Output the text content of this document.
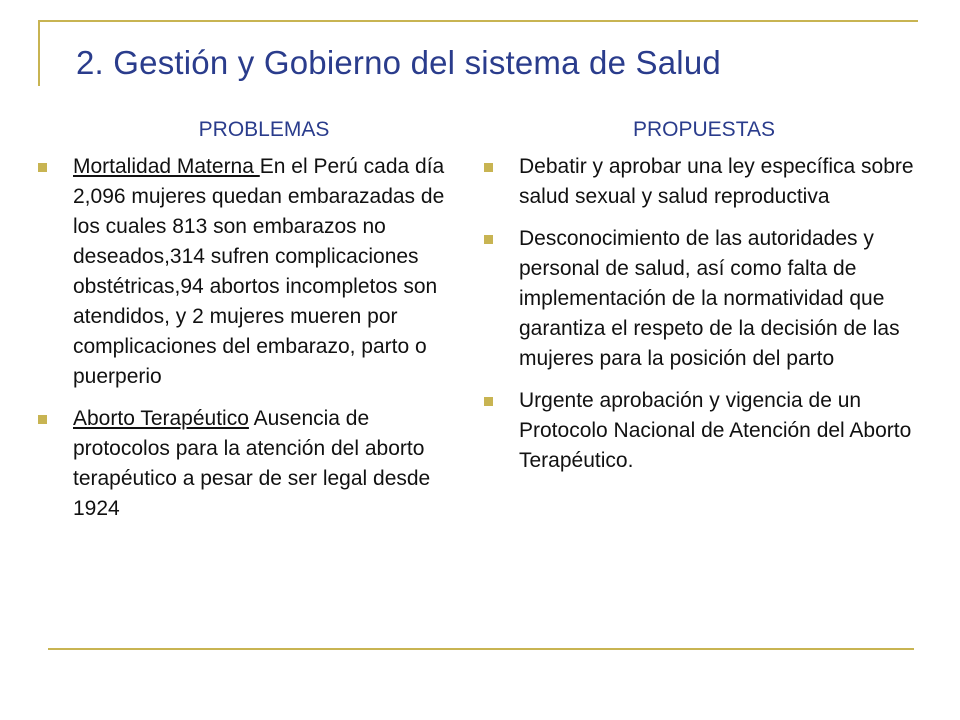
2. Gestión y Gobierno del sistema de Salud
PROBLEMAS
Mortalidad Materna En el Perú cada día 2,096 mujeres quedan embarazadas de los cuales 813 son embarazos no deseados,314 sufren complicaciones obstétricas,94 abortos incompletos son atendidos, y 2 mujeres mueren por complicaciones del embarazo, parto o puerperio
Aborto Terapéutico Ausencia de protocolos para la atención del aborto terapéutico a pesar de ser legal desde 1924
PROPUESTAS
Debatir y aprobar una ley específica sobre salud sexual y salud reproductiva
Desconocimiento de las autoridades y personal de salud, así como falta de implementación de la normatividad que garantiza el respeto de la decisión de las mujeres para la posición del parto
Urgente aprobación y vigencia de un Protocolo Nacional de Atención del Aborto Terapéutico.
